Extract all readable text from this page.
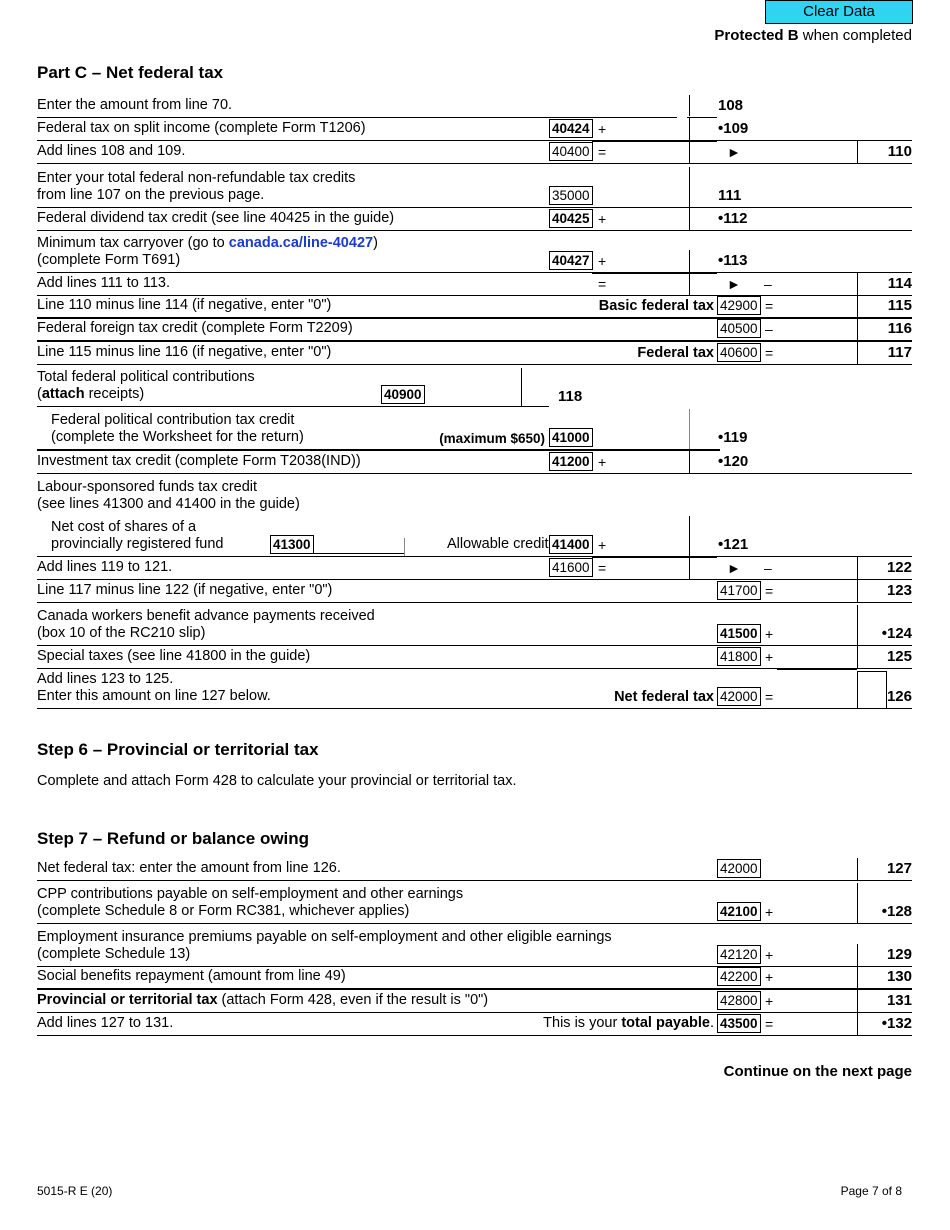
Clear Data
Protected B when completed
Part C – Net federal tax
Enter the amount from line 70.	108
Federal tax on split income (complete Form T1206)	40424 +	•109
Add lines 108 and 109.	40400 =	►	110
Enter your total federal non-refundable tax credits
from line 107 on the previous page.	35000	111
Federal dividend tax credit (see line 40425 in the guide)	40425 +	•112
Minimum tax carryover (go to canada.ca/line-40427)
(complete Form T691)	40427 +	•113
Add lines 111 to 113.	=	► –	114
Line 110 minus line 114 (if negative, enter "0")	Basic federal tax 42900 =	115
Federal foreign tax credit (complete Form T2209)	40500 –	116
Line 115 minus line 116 (if negative, enter "0")	Federal tax 40600 =	117
Total federal political contributions
(attach receipts)	40900	118
Federal political contribution tax credit
(complete the Worksheet for the return)	(maximum $650) 41000	•119
Investment tax credit (complete Form T2038(IND))	41200 +	•120
Labour-sponsored funds tax credit
(see lines 41300 and 41400 in the guide)
Net cost of shares of a
provincially registered fund	41300	Allowable credit 41400 +	•121
Add lines 119 to 121.	41600 =	► –	122
Line 117 minus line 122 (if negative, enter "0")	41700 =	123
Canada workers benefit advance payments received
(box 10 of the RC210 slip)	41500 +	•124
Special taxes (see line 41800 in the guide)	41800 +	125
Add lines 123 to 125.
Enter this amount on line 127 below.	Net federal tax 42000 =	126
Step 6 – Provincial or territorial tax
Complete and attach Form 428 to calculate your provincial or territorial tax.
Step 7 – Refund or balance owing
Net federal tax: enter the amount from line 126.	42000	127
CPP contributions payable on self-employment and other earnings
(complete Schedule 8 or Form RC381, whichever applies)	42100 +	•128
Employment insurance premiums payable on self-employment and other eligible earnings
(complete Schedule 13)	42120 +	129
Social benefits repayment (amount from line 49)	42200 +	130
Provincial or territorial tax (attach Form 428, even if the result is "0")	42800 +	131
Add lines 127 to 131.	This is your total payable. 43500 =	•132
Continue on the next page
5015-R E (20)	Page 7 of 8
